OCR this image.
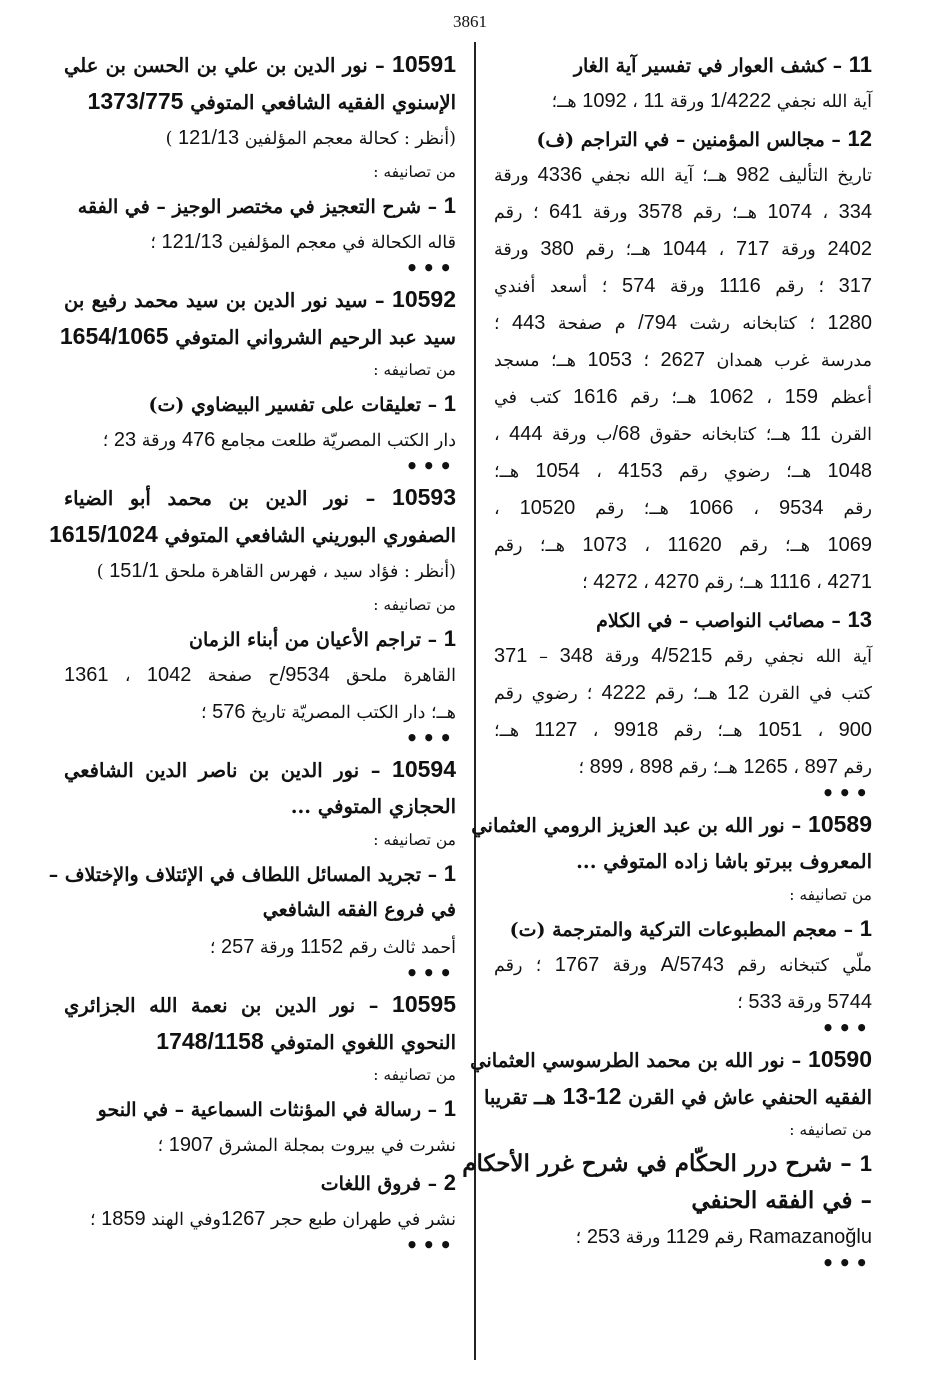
3861
11 – كشف العوار في تفسير آية الغار
آية الله نجفي 1/4222 ورقة 11 ، 1092 هــ؛
12 – مجالس المؤمنين – في التراجم (ف)
تاريخ التأليف 982 هــ؛ آية الله نجفي 4336 ورقة
334 ، 1074 هــ؛ رقم 3578 ورقة 641 ؛ رقم
2402 ورقة 717 ، 1044 هــ؛ رقم 380 ورقة
317 ؛ رقم 1116 ورقة 574 ؛ أسعد أفندي
1280 ؛ كتابخانه رشت 794/ م صفحة 443 ؛
مدرسة غرب همدان 2627 ؛ 1053 هــ؛ مسجد
أعظم 159 ، 1062 هــ؛ رقم 1616 كتب في
القرن 11 هــ؛ كتابخانه حقوق 68/ب ورقة 444 ،
1048 هــ؛ رضوي رقم 4153 ، 1054 هــ؛
رقم 9534 ، 1066 هــ؛ رقم 10520 ،
1069 هــ؛ رقم 11620 ، 1073 هــ؛ رقم
4271 ، 1116 هــ؛ رقم 4270 ، 4272 ؛
13 – مصائب النواصب – في الكلام
آية الله نجفي رقم 4/5215 ورقة 348 – 371
كتب في القرن 12 هــ؛ رقم 4222 ؛ رضوي رقم
900 ، 1051 هــ؛ رقم 9918 ، 1127 هــ؛
رقم 897 ، 1265 هــ؛ رقم 898 ، 899 ؛
•••
10589 – نور الله بن عبد العزيز الرومي العثماني
المعروف ببرتو باشا زاده المتوفي ...
من تصانيفه :
1 – معجم المطبوعات التركية والمترجمة (ت)
ملّي كتبخانه رقم 5743/A ورقة 1767 ؛ رقم
5744 ورقة 533 ؛
•••
10590 – نور الله بن محمد الطرسوسي العثماني
الفقيه الحنفي عاش في القرن 12-13 هــ تقريبا
من تصانيفه :
1 – شرح درر الحكّام في شرح غرر الأحكام
– في الفقه الحنفي
Ramazanoğlu رقم 1129 ورقة 253 ؛
•••
10591 – نور الدين بن علي بن الحسن بن علي
الإسنوي الفقيه الشافعي المتوفي 1373/775
(أنظر : كحالة معجم المؤلفين 121/13 )
من تصانيفه :
1 – شرح التعجيز في مختصر الوجيز – في الفقه
قاله الكحالة في معجم المؤلفين 121/13 ؛
•••
10592 – سيد نور الدين بن سيد محمد رفيع بن
سيد عبد الرحيم الشرواني المتوفي 1654/1065
من تصانيفه :
1 – تعليقات على تفسير البيضاوي (ت)
دار الكتب المصريّة طلعت مجامع 476 ورقة 23 ؛
•••
10593 – نور الدين بن محمد أبو الضياء
الصفوري البوريني الشافعي المتوفي 1615/1024
(أنظر : فؤاد سيد ، فهرس القاهرة ملحق 151/1 )
من تصانيفه :
1 – تراجم الأعيان من أبناء الزمان
القاهرة ملحق 9534/ح صفحة 1042 ، 1361
هــ؛ دار الكتب المصريّة تاريخ 576 ؛
•••
10594 – نور الدين بن ناصر الدين الشافعي
الحجازي المتوفي ...
من تصانيفه :
1 – تجريد المسائل اللطاف في الإئتلاف والإختلاف –
في فروع الفقه الشافعي
أحمد ثالث رقم 1152 ورقة 257 ؛
•••
10595 – نور الدين بن نعمة الله الجزائري
النحوي اللغوي المتوفي 1748/1158
من تصانيفه :
1 – رسالة في المؤنثات السماعية – في النحو
نشرت في بيروت بمجلة المشرق 1907 ؛
2 – فروق اللغات
نشر في طهران طبع حجر 1267وفي الهند 1859 ؛
•••
